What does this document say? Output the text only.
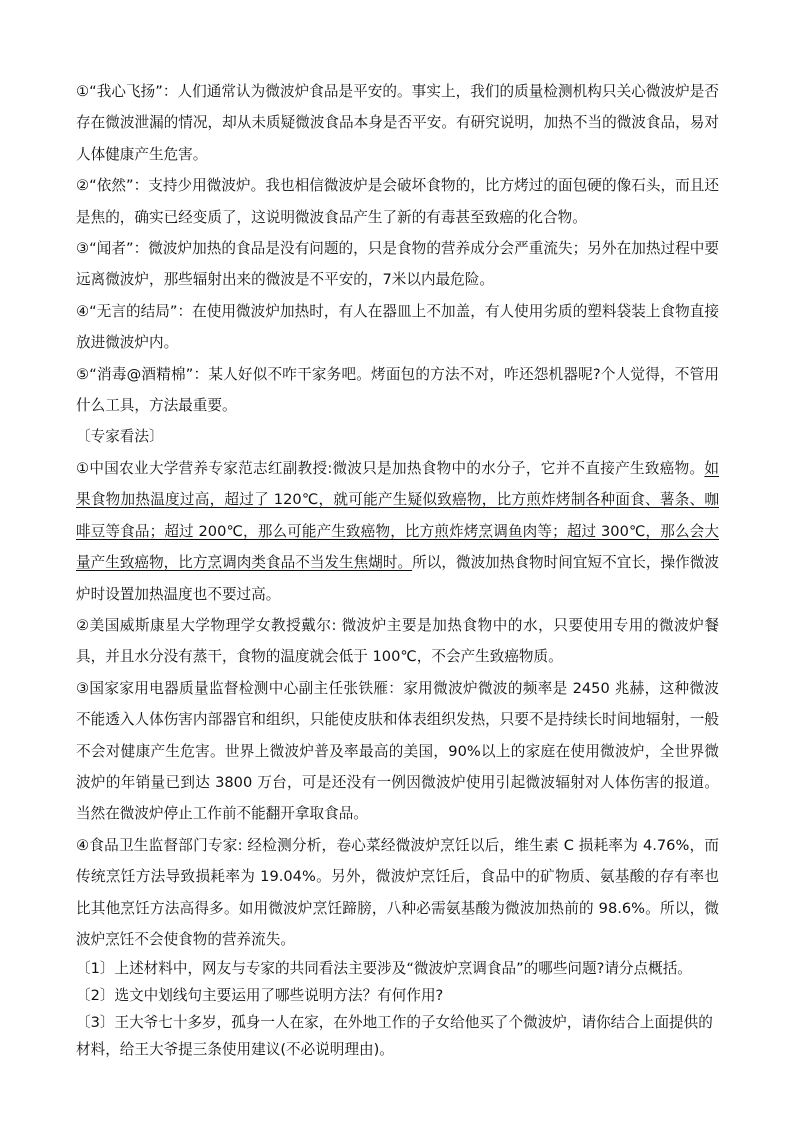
①“我心飞扬”：人们通常认为微波炉食品是平安的。事实上，我们的质量检测机构只关心微波炉是否存在微波泄漏的情况，却从未质疑微波食品本身是否平安。有研究说明，加热不当的微波食品，易对人体健康产生危害。

②“依然”：支持少用微波炉。我也相信微波炉是会破坏食物的，比方烤过的面包硬的像石头，而且还是焦的，确实已经变质了，这说明微波食品产生了新的有毒甚至致癌的化合物。

③“闻者”：微波炉加热的食品是没有问题的，只是食物的营养成分会严重流失；另外在加热过程中要远离微波炉，那些辐射出来的微波是不平安的，7米以内最危险。

④“无言的结局”：在使用微波炉加热时，有人在器皿上不加盖，有人使用劣质的塑料袋装上食物直接放进微波炉内。

⑤“消毒@酒精棉”：某人好似不咋干家务吧。烤面包的方法不对，咋还怨机器呢?个人觉得，不管用什么工具，方法最重要。

〔专家看法〕

①中国农业大学营养专家范志红副教授:微波只是加热食物中的水分子，它并不直接产生致癌物。如果食物加热温度过高，超过了 120℃，就可能产生疑似致癌物，比方煎炸烤制各种面食、薯条、咖啡豆等食品；超过 200℃，那么可能产生致癌物，比方煎炸烤烹调鱼肉等；超过 300℃，那么会大量产生致癌物，比方烹调肉类食品不当发生焦煳时。所以，微波加热食物时间宜短不宜长，操作微波炉时设置加热温度也不要过高。

②美国威斯康星大学物理学女教授戴尔: 微波炉主要是加热食物中的水，只要使用专用的微波炉餐具，并且水分没有蒸干，食物的温度就会低于 100℃，不会产生致癌物质。

③国家家用电器质量监督检测中心副主任张铁雁：家用微波炉微波的频率是 2450 兆赫，这种微波不能透入人体伤害内部器官和组织，只能使皮肤和体表组织发热，只要不是持续长时间地辐射，一般不会对健康产生危害。世界上微波炉普及率最高的美国，90%以上的家庭在使用微波炉，全世界微波炉的年销量已到达 3800 万台，可是还没有一例因微波炉使用引起微波辐射对人体伤害的报道。当然在微波炉停止工作前不能翻开拿取食品。

④食品卫生监督部门专家: 经检测分析，卷心菜经微波炉烹饪以后，维生素 C 损耗率为 4.76%，而传统烹饪方法导致损耗率为 19.04%。另外，微波炉烹饪后，食品中的矿物质、氨基酸的存有率也比其他烹饪方法高得多。如用微波炉烹饪蹄膀，八种必需氨基酸为微波加热前的 98.6%。所以，微波炉烹饪不会使食物的营养流失。

〔1〕上述材料中，网友与专家的共同看法主要涉及“微波炉烹调食品”的哪些问题?请分点概括。

〔2〕选文中划线句主要运用了哪些说明方法？有何作用?

〔3〕王大爷七十多岁，孤身一人在家，在外地工作的子女给他买了个微波炉，请你结合上面提供的材料，给王大爷提三条使用建议(不必说明理由)。
